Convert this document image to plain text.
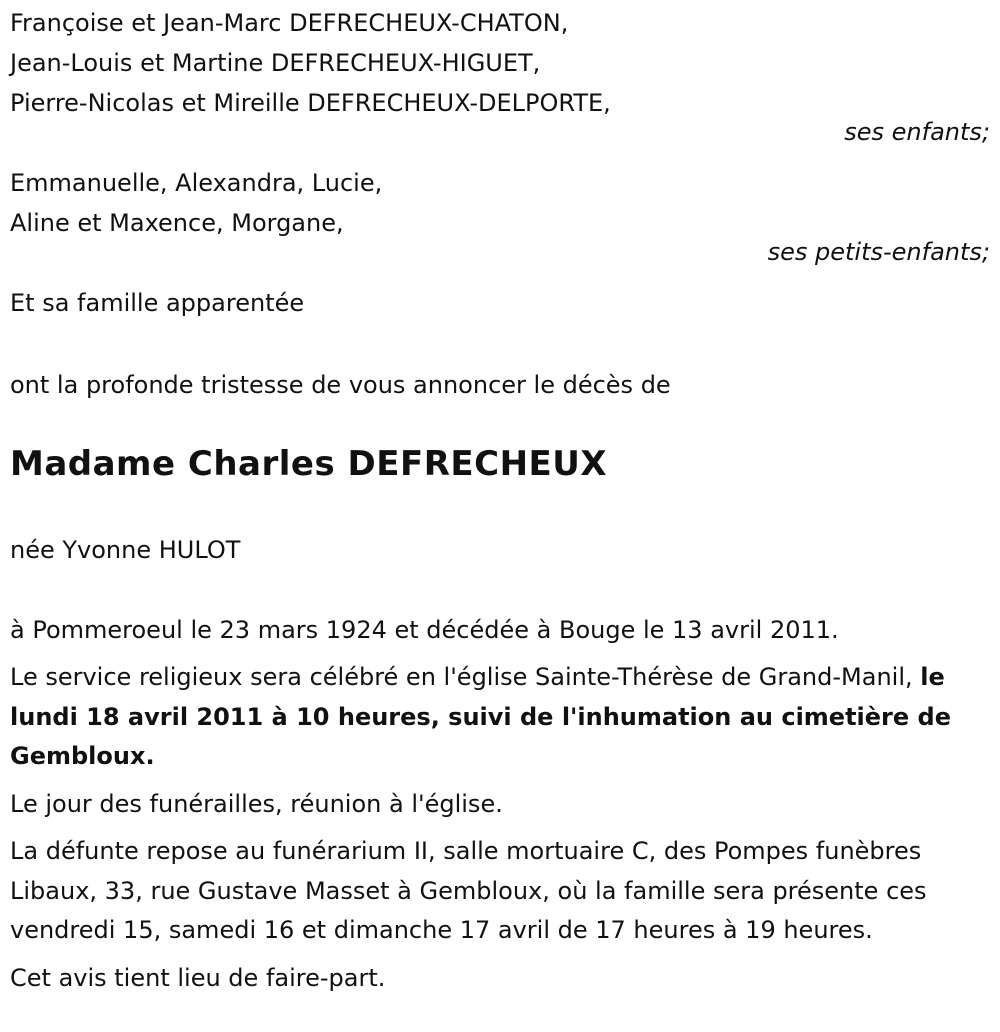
Françoise et Jean-Marc DEFRECHEUX-CHATON,
Jean-Louis et Martine DEFRECHEUX-HIGUET,
Pierre-Nicolas et Mireille DEFRECHEUX-DELPORTE,
ses enfants;
Emmanuelle, Alexandra, Lucie,
Aline et Maxence, Morgane,
ses petits-enfants;
Et sa famille apparentée
ont la profonde tristesse de vous annoncer le décès de
Madame Charles DEFRECHEUX
née Yvonne HULOT
à Pommeroeul le 23 mars 1924 et décédée à Bouge le 13 avril 2011.
Le service religieux sera célébré en l'église Sainte-Thérèse de Grand-Manil, le lundi 18 avril 2011 à 10 heures, suivi de l'inhumation au cimetière de Gembloux.
Le jour des funérailles, réunion à l'église.
La défunte repose au funérarium II, salle mortuaire C, des Pompes funèbres Libaux, 33, rue Gustave Masset à Gembloux, où la famille sera présente ces vendredi 15, samedi 16 et dimanche 17 avril de 17 heures à 19 heures.
Cet avis tient lieu de faire-part.
